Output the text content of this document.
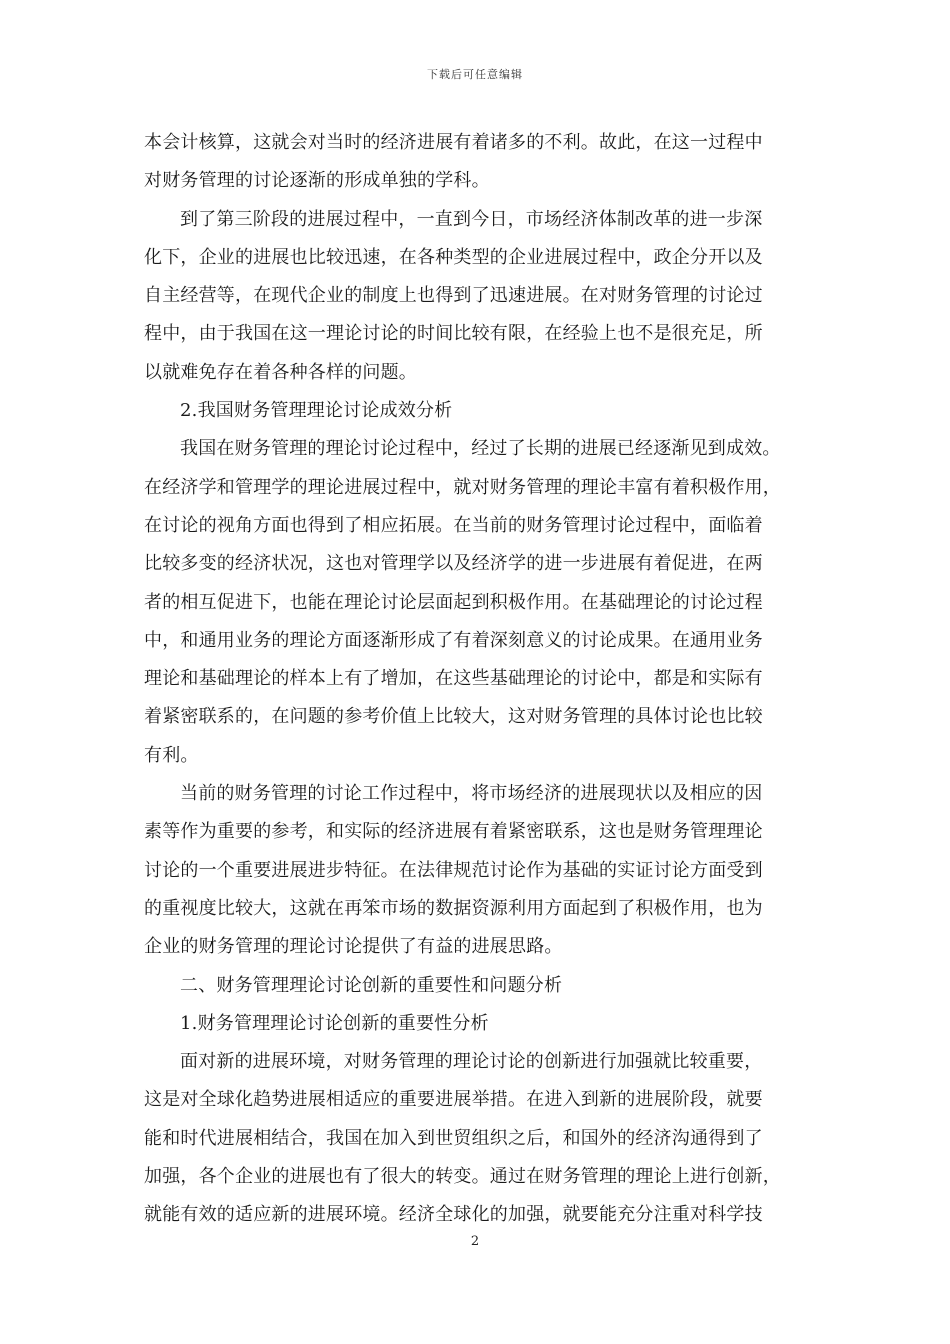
下载后可任意编辑
本会计核算，这就会对当时的经济进展有着诸多的不利。故此，在这一过程中
对财务管理的讨论逐渐的形成单独的学科。
到了第三阶段的进展过程中，一直到今日，市场经济体制改革的进一步深
化下，企业的进展也比较迅速，在各种类型的企业进展过程中，政企分开以及
自主经营等，在现代企业的制度上也得到了迅速进展。在对财务管理的讨论过
程中，由于我国在这一理论讨论的时间比较有限，在经验上也不是很充足，所
以就难免存在着各种各样的问题。
2.我国财务管理理论讨论成效分析
我国在财务管理的理论讨论过程中，经过了长期的进展已经逐渐见到成效。
在经济学和管理学的理论进展过程中，就对财务管理的理论丰富有着积极作用，
在讨论的视角方面也得到了相应拓展。在当前的财务管理讨论过程中，面临着
比较多变的经济状况，这也对管理学以及经济学的进一步进展有着促进，在两
者的相互促进下，也能在理论讨论层面起到积极作用。在基础理论的讨论过程
中，和通用业务的理论方面逐渐形成了有着深刻意义的讨论成果。在通用业务
理论和基础理论的样本上有了增加，在这些基础理论的讨论中，都是和实际有
着紧密联系的，在问题的参考价值上比较大，这对财务管理的具体讨论也比较
有利。
当前的财务管理的讨论工作过程中，将市场经济的进展现状以及相应的因
素等作为重要的参考，和实际的经济进展有着紧密联系，这也是财务管理理论
讨论的一个重要进展进步特征。在法律规范讨论作为基础的实证讨论方面受到
的重视度比较大，这就在再笨市场的数据资源利用方面起到了积极作用，也为
企业的财务管理的理论讨论提供了有益的进展思路。
二、财务管理理论讨论创新的重要性和问题分析
1.财务管理理论讨论创新的重要性分析
面对新的进展环境，对财务管理的理论讨论的创新进行加强就比较重要，
这是对全球化趋势进展相适应的重要进展举措。在进入到新的进展阶段，就要
能和时代进展相结合，我国在加入到世贸组织之后，和国外的经济沟通得到了
加强，各个企业的进展也有了很大的转变。通过在财务管理的理论上进行创新，
就能有效的适应新的进展环境。经济全球化的加强，就要能充分注重对科学技
2
